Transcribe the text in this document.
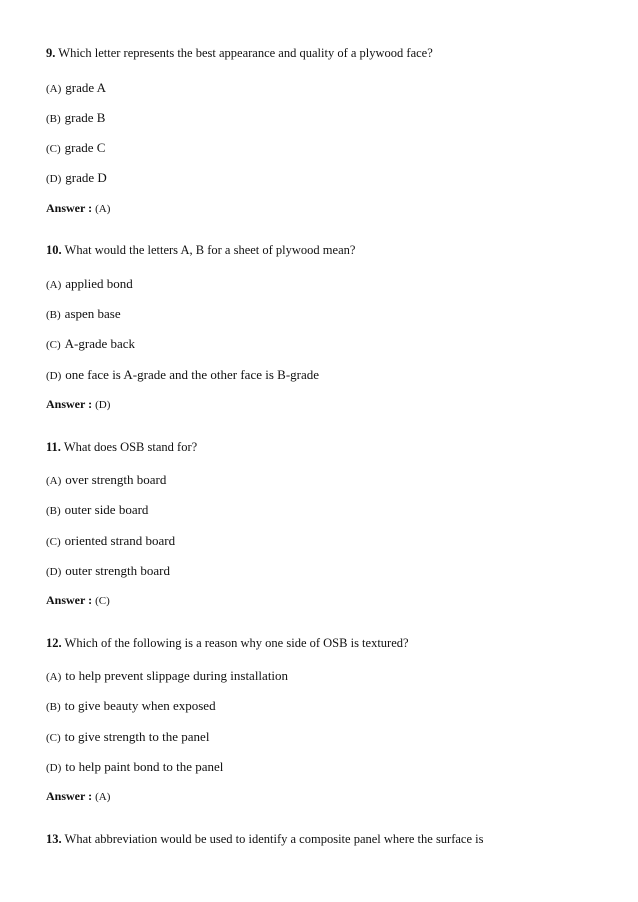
9. Which letter represents the best appearance and quality of a plywood face?
(A) grade A
(B) grade B
(C) grade C
(D) grade D
Answer : (A)
10. What would the letters A, B for a sheet of plywood mean?
(A) applied bond
(B) aspen base
(C) A-grade back
(D) one face is A-grade and the other face is B-grade
Answer : (D)
11. What does OSB stand for?
(A) over strength board
(B) outer side board
(C) oriented strand board
(D) outer strength board
Answer : (C)
12. Which of the following is a reason why one side of OSB is textured?
(A) to help prevent slippage during installation
(B) to give beauty when exposed
(C) to give strength to the panel
(D) to help paint bond to the panel
Answer : (A)
13. What abbreviation would be used to identify a composite panel where the surface is
